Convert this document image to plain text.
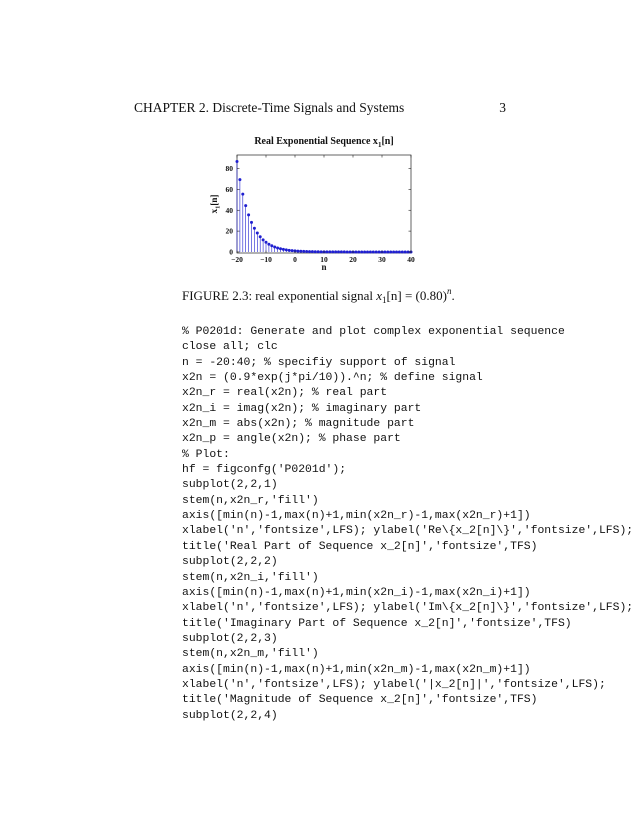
CHAPTER 2. Discrete-Time Signals and Systems	3
Real Exponential Sequence $x_1[n]$
−20 −10	0	10	20	30	40
0
20
40
60
80
n
$x_1[n]$
FIGURE 2.3: real exponential signal $x_1[n] = (0.80)^n$.
% P0201d: Generate and plot complex exponential sequence
close all; clc
n = -20:40; % specifiy support of signal
x2n = (0.9*exp(j*pi/10)).^n; % define signal
x2n_r = real(x2n); % real part
x2n_i = imag(x2n); % imaginary part
x2n_m = abs(x2n); % magnitude part
x2n_p = angle(x2n); % phase part
% Plot:
hf = figconfg('P0201d');
subplot(2,2,1)
stem(n,x2n_r,'fill')
axis([min(n)-1,max(n)+1,min(x2n_r)-1,max(x2n_r)+1])
xlabel('n','fontsize',LFS); ylabel('Re\{x_2[n]\}','fontsize',LFS);
title('Real Part of Sequence x_2[n]','fontsize',TFS)
subplot(2,2,2)
stem(n,x2n_i,'fill')
axis([min(n)-1,max(n)+1,min(x2n_i)-1,max(x2n_i)+1])
xlabel('n','fontsize',LFS); ylabel('Im\{x_2[n]\}','fontsize',LFS);
title('Imaginary Part of Sequence x_2[n]','fontsize',TFS)
subplot(2,2,3)
stem(n,x2n_m,'fill')
axis([min(n)-1,max(n)+1,min(x2n_m)-1,max(x2n_m)+1])
xlabel('n','fontsize',LFS); ylabel('|x_2[n]|','fontsize',LFS);
title('Magnitude of Sequence x_2[n]','fontsize',TFS)
subplot(2,2,4)
